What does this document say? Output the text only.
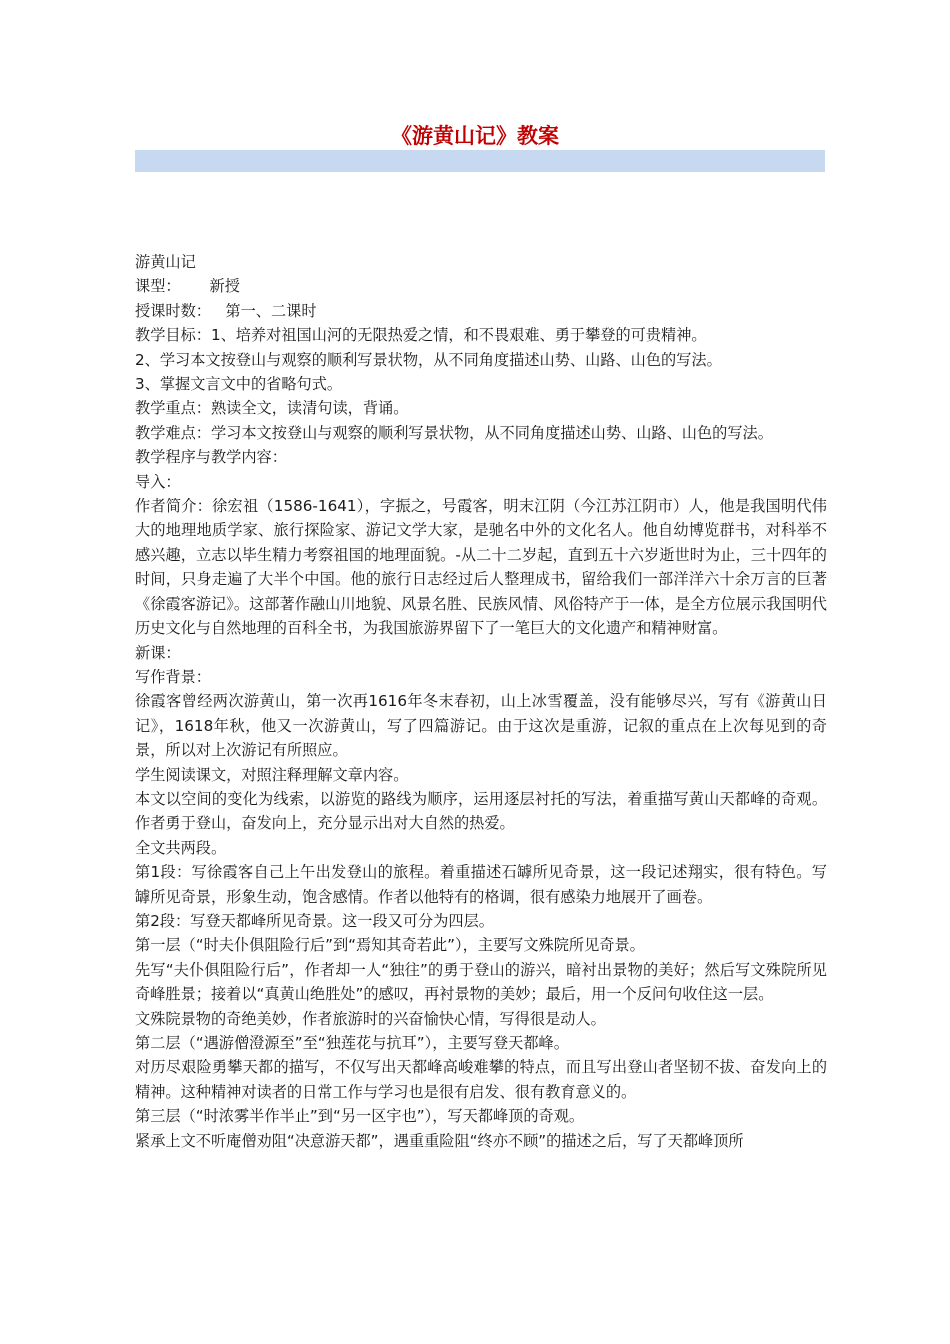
《游黄山记》教案

游黄山记

课型：      新授

授课时数：   第一、二课时

教学目标：1、培养对祖国山河的无限热爱之情，和不畏艰难、勇于攀登的可贵精神。

2、学习本文按登山与观察的顺利写景状物，从不同角度描述山势、山路、山色的写法。

3、掌握文言文中的省略句式。

教学重点：熟读全文，读清句读，背诵。

教学难点：学习本文按登山与观察的顺利写景状物，从不同角度描述山势、山路、山色的写法。

教学程序与教学内容：

导入：

作者简介：徐宏祖（1586-1641），字振之，号霞客，明末江阴（今江苏江阴市）人，他是我国明代伟大的地理地质学家、旅行探险家、游记文学大家，是驰名中外的文化名人。他自幼博览群书，对科举不感兴趣，立志以毕生精力考察祖国的地理面貌。-从二十二岁起，直到五十六岁逝世时为止，三十四年的时间，只身走遍了大半个中国。他的旅行日志经过后人整理成书，留给我们一部洋洋六十余万言的巨著《徐霞客游记》。这部著作融山川地貌、风景名胜、民族风情、风俗特产于一体，是全方位展示我国明代历史文化与自然地理的百科全书，为我国旅游界留下了一笔巨大的文化遗产和精神财富。

新课：

写作背景：

徐霞客曾经两次游黄山，第一次再1616年冬末春初，山上冰雪覆盖，没有能够尽兴，写有《游黄山日记》，1618年秋，他又一次游黄山，写了四篇游记。由于这次是重游，记叙的重点在上次每见到的奇景，所以对上次游记有所照应。

学生阅读课文，对照注释理解文章内容。

本文以空间的变化为线索，以游览的路线为顺序，运用逐层衬托的写法，着重描写黄山天都峰的奇观。作者勇于登山，奋发向上，充分显示出对大自然的热爱。

全文共两段。

第1段：写徐霞客自己上午出发登山的旅程。着重描述石罅所见奇景，这一段记述翔实，很有特色。写罅所见奇景，形象生动，饱含感情。作者以他特有的格调，很有感染力地展开了画卷。

第2段：写登天都峰所见奇景。这一段又可分为四层。

第一层（“时夫仆俱阻险行后”到“焉知其奇若此”），主要写文殊院所见奇景。

先写“夫仆俱阻险行后”，作者却一人“独往”的勇于登山的游兴，暗衬出景物的美好；然后写文殊院所见奇峰胜景；接着以“真黄山绝胜处”的感叹，再衬景物的美妙；最后，用一个反问句收住这一层。

文殊院景物的奇绝美妙，作者旅游时的兴奋愉快心情，写得很是动人。

第二层（“遇游僧澄源至”至“独莲花与抗耳”），主要写登天都峰。

对历尽艰险勇攀天都的描写，不仅写出天都峰高峻难攀的特点，而且写出登山者坚韧不拔、奋发向上的精神。这种精神对读者的日常工作与学习也是很有启发、很有教育意义的。

第三层（“时浓雾半作半止”到“另一区宇也”），写天都峰顶的奇观。

紧承上文不听庵僧劝阻“决意游天都”，遇重重险阻“终亦不顾”的描述之后，写了天都峰顶所
